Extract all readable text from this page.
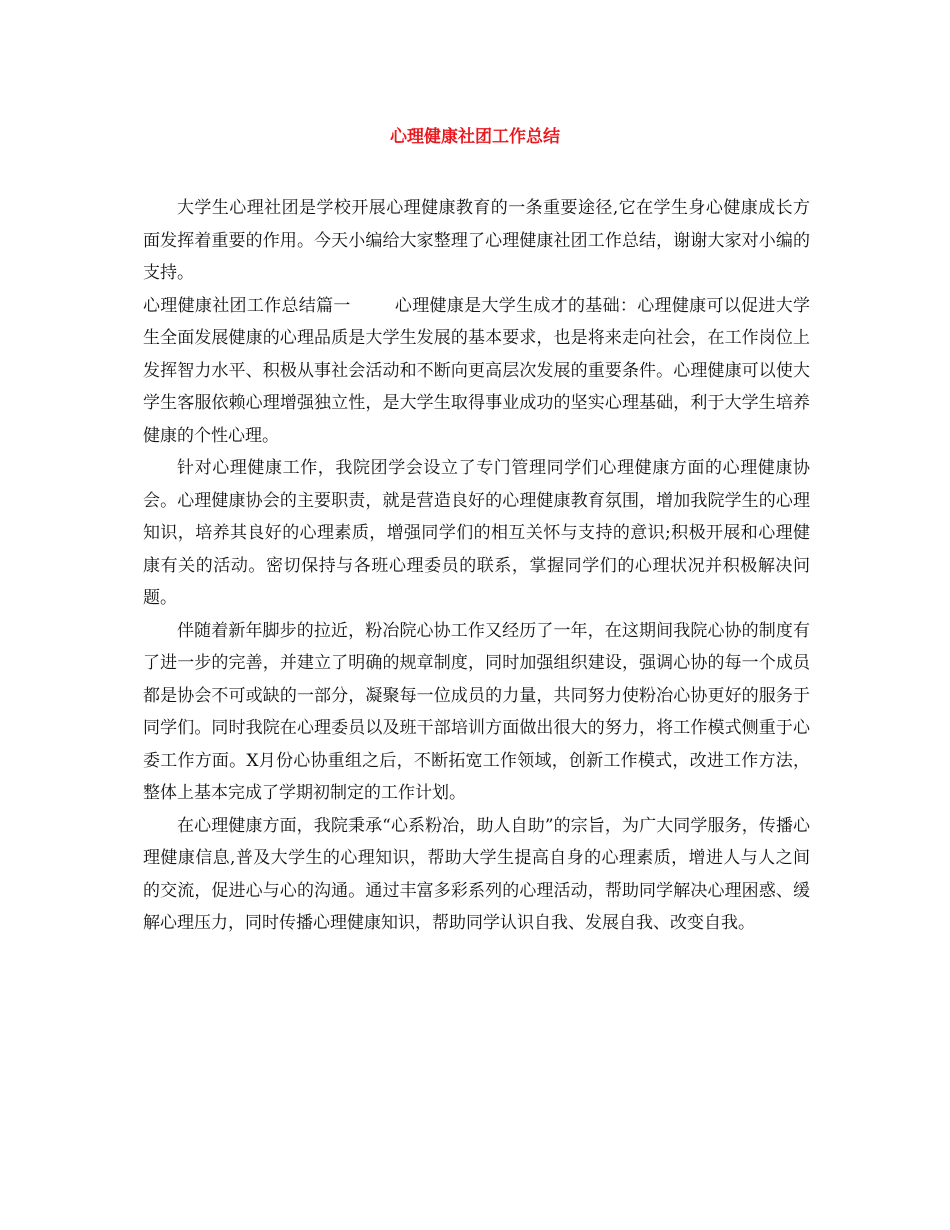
心理健康社团工作总结

大学生心理社团是学校开展心理健康教育的一条重要途径,它在学生身心健康成长方面发挥着重要的作用。今天小编给大家整理了心理健康社团工作总结，谢谢大家对小编的支持。

心理健康社团工作总结篇一	心理健康是大学生成才的基础：心理健康可以促进大学生全面发展健康的心理品质是大学生发展的基本要求，也是将来走向社会，在工作岗位上发挥智力水平、积极从事社会活动和不断向更高层次发展的重要条件。心理健康可以使大学生客服依赖心理增强独立性，是大学生取得事业成功的坚实心理基础，利于大学生培养健康的个性心理。

针对心理健康工作，我院团学会设立了专门管理同学们心理健康方面的心理健康协会。心理健康协会的主要职责，就是营造良好的心理健康教育氛围，增加我院学生的心理知识，培养其良好的心理素质，增强同学们的相互关怀与支持的意识;积极开展和心理健康有关的活动。密切保持与各班心理委员的联系，掌握同学们的心理状况并积极解决问题。

伴随着新年脚步的拉近，粉冶院心协工作又经历了一年，在这期间我院心协的制度有了进一步的完善，并建立了明确的规章制度，同时加强组织建设，强调心协的每一个成员都是协会不可或缺的一部分，凝聚每一位成员的力量，共同努力使粉冶心协更好的服务于同学们。同时我院在心理委员以及班干部培训方面做出很大的努力，将工作模式侧重于心委工作方面。X月份心协重组之后，不断拓宽工作领域，创新工作模式，改进工作方法，整体上基本完成了学期初制定的工作计划。

在心理健康方面，我院秉承“心系粉冶，助人自助”的宗旨，为广大同学服务，传播心理健康信息,普及大学生的心理知识，帮助大学生提高自身的心理素质，增进人与人之间的交流，促进心与心的沟通。通过丰富多彩系列的心理活动，帮助同学解决心理困惑、缓解心理压力，同时传播心理健康知识，帮助同学认识自我、发展自我、改变自我。
